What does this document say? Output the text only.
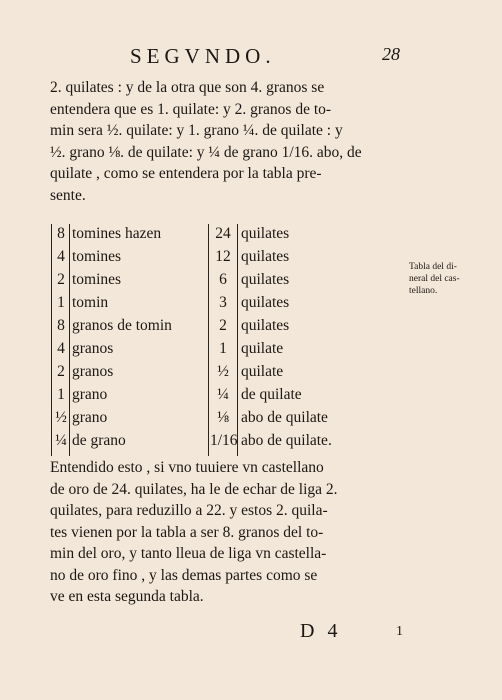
SEGVNDO.	28
2. quilates : y de la otra que son 4. granos se
entendera que es 1. quilate: y 2. granos de to-
min sera ½. quilate: y 1. grano ¼. de quilate : y
½. grano ⅛. de quilate: y ¼ de grano 1/16. abo, de
quilate , como se entendera por la tabla pre-
sente.
8 tomines hazen	24 quilates
4 tomines	12 quilates
2 tomines	6 quilates
1 tomin	3 quilates
8 granos de tomin	2 quilates
4 granos	1 quilate
2 granos	½ quilate
1 grano	¼ de quilate
½ grano	⅛ abo de quilate
¼ de grano	1/16 abo de quilate.
Tabla del di-
neral del cas-
tellano.
Entendido esto , si vno tuuiere vn castellano
de oro de 24. quilates, ha le de echar de liga 2.
quilates, para reduzillo a 22. y estos 2. quila-
tes vienen por la tabla a ser 8. granos del to-
min del oro, y tanto lleua de liga vn castella-
no de oro fino , y las demas partes como se
ve en esta segunda tabla.
D 4	1
